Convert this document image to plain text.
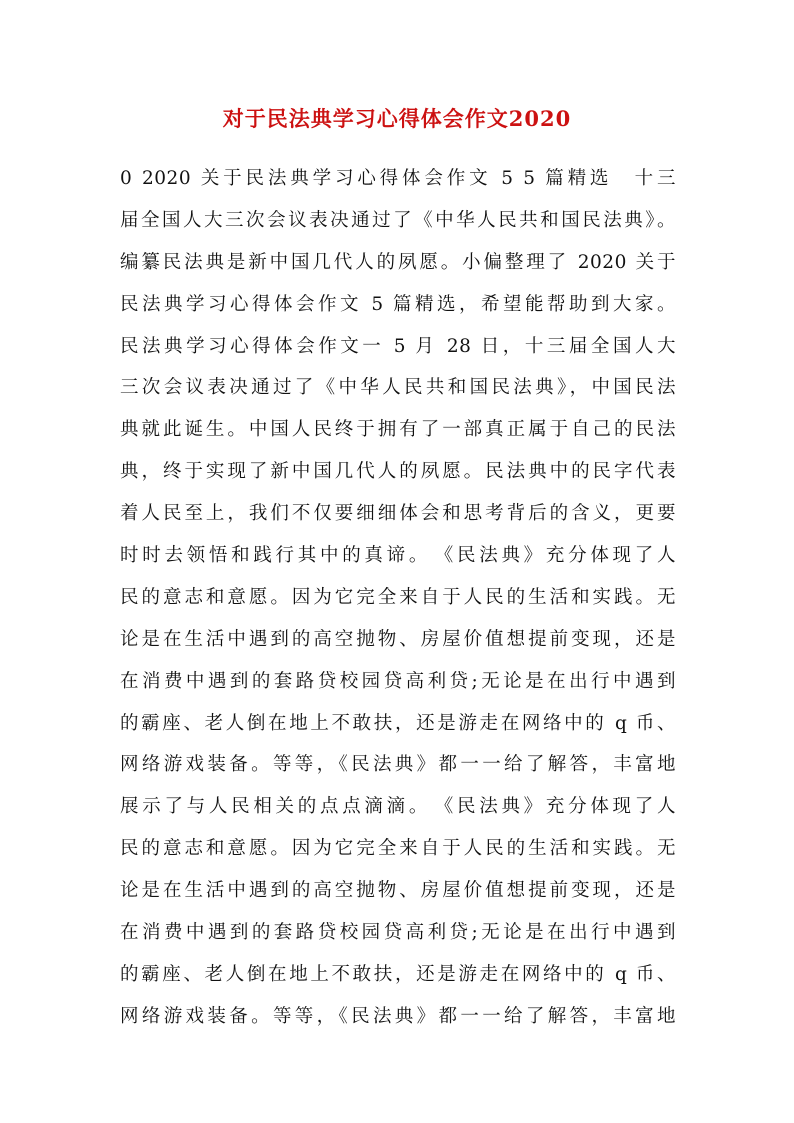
对于民法典学习心得体会作文2020
0 2020 关于民法典学习心得体会作文 5 5 篇精选　十三
届全国人大三次会议表决通过了《中华人民共和国民法典》。
编纂民法典是新中国几代人的夙愿。小偏整理了 2020 关于
民法典学习心得体会作文 5 篇精选，希望能帮助到大家。
民法典学习心得体会作文一 5 月 28 日，十三届全国人大
三次会议表决通过了《中华人民共和国民法典》，中国民法
典就此诞生。中国人民终于拥有了一部真正属于自己的民法
典，终于实现了新中国几代人的夙愿。民法典中的民字代表
着人民至上，我们不仅要细细体会和思考背后的含义，更要
时时去领悟和践行其中的真谛。　《民法典》充分体现了人
民的意志和意愿。因为它完全来自于人民的生活和实践。无
论是在生活中遇到的高空抛物、房屋价值想提前变现，还是
在消费中遇到的套路贷校园贷高利贷;无论是在出行中遇到
的霸座、老人倒在地上不敢扶，还是游走在网络中的 q 币、
网络游戏装备。等等，《民法典》都一一给了解答，丰富地
展示了与人民相关的点点滴滴。　《民法典》充分体现了人
民的意志和意愿。因为它完全来自于人民的生活和实践。无
论是在生活中遇到的高空抛物、房屋价值想提前变现，还是
在消费中遇到的套路贷校园贷高利贷;无论是在出行中遇到
的霸座、老人倒在地上不敢扶，还是游走在网络中的 q 币、
网络游戏装备。等等，《民法典》都一一给了解答，丰富地
